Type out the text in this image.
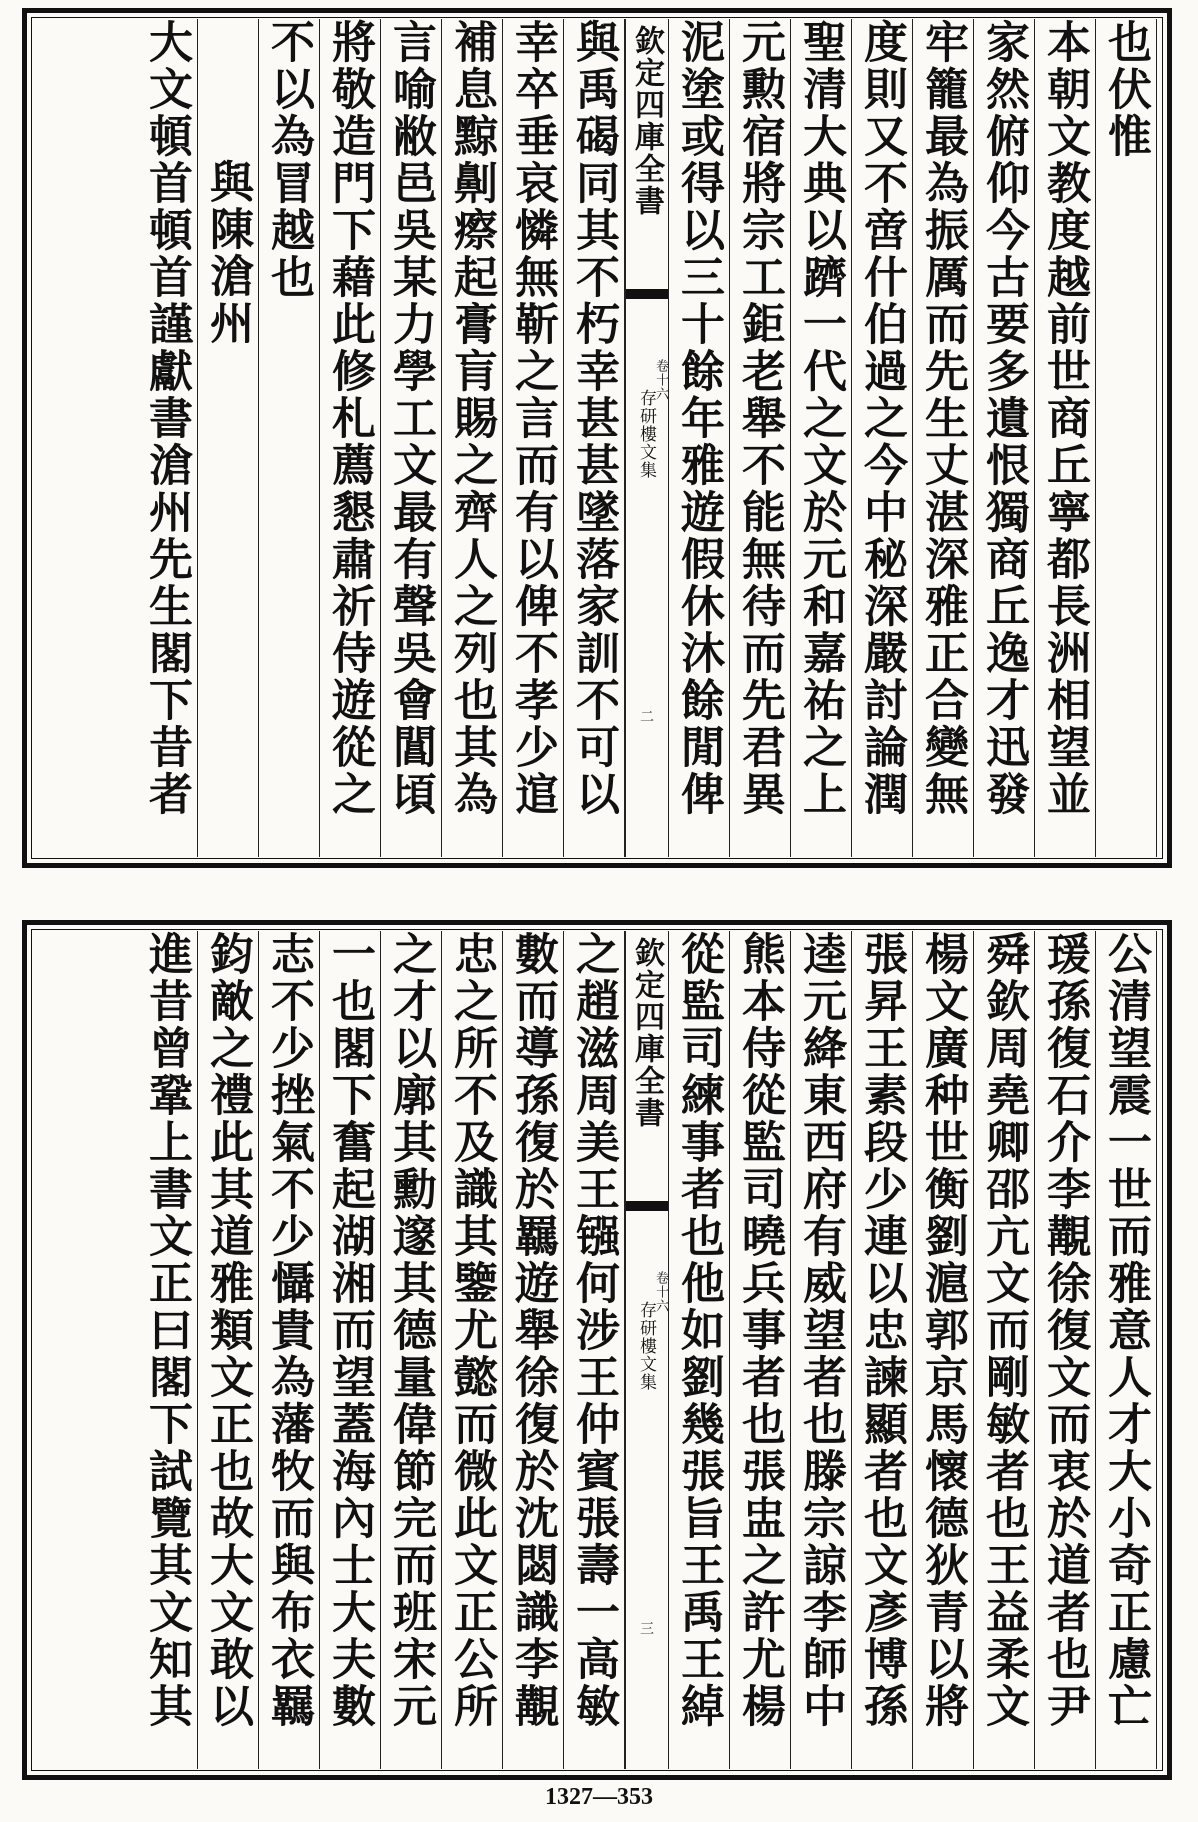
也伏惟
本朝文教度越前世商丘寧都長洲相望並
家然俯仰今古要多遺恨獨商丘逸才迅發
牢籠最為振厲而先生丈湛深雅正合變無
度則又不啻什伯過之今中秘深嚴討論潤
聖清大典以躋一代之文於元和嘉祐之上
元勲宿將宗工鉅老舉不能無待而先君異
泥塗或得以三十餘年雅遊假休沐餘閒俾
欽定四庫全書
卷十六
存研樓文集
二
與禹碣同其不朽幸甚甚墜落家訓不可以
幸卒垂哀憐無靳之言而有以俾不孝少逭
補息黥劓瘵起膏肓賜之齊人之列也其為
言喻敝邑吳某力學工文最有聲吳會閶頃
將敬造門下藉此修札薦懇肅祈侍遊從之
不以為冒越也
與陳滄州
大文頓首頓首謹獻書滄州先生閣下昔者
公清望震一世而雅意人才大小奇正慮亡
瑗孫復石介李覯徐復文而衷於道者也尹
舜欽周堯卿邵亢文而剛敏者也王益柔文
楊文廣种世衡劉滬郭京馬懷德狄青以將
張昇王素段少連以忠諫顯者也文彥博孫
逵元絳東西府有威望者也滕宗諒李師中
熊本侍從監司曉兵事者也張盅之許尤楊
從監司練事者也他如劉幾張旨王禹王綽
欽定四庫全書
卷十六
存研樓文集
三
之趙滋周美王镪何涉王仲賓張壽一高敏
數而導孫復於羈遊舉徐復於沈閟識李覯
忠之所不及識其鑒尤懿而微此文正公所
之才以廓其勳邃其德量偉節完而班宋元
一也閣下奮起湖湘而望蓋海內士大夫數
志不少挫氣不少懾貴為藩牧而與布衣羈
鈞敵之禮此其道雅類文正也故大文敢以
進昔曾鞏上書文正曰閣下試覽其文知其
1327—353
